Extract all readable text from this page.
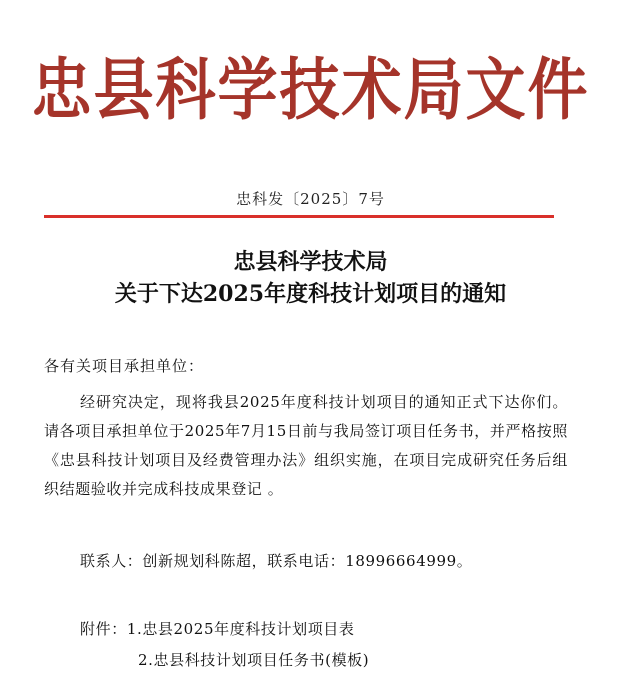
忠县科学技术局文件
忠科发〔2025〕7号
忠县科学技术局
关于下达2025年度科技计划项目的通知
各有关项目承担单位：
经研究决定，现将我县2025年度科技计划项目的通知正式下达你们。请各项目承担单位于2025年7月15日前与我局签订项目任务书，并严格按照《忠县科技计划项目及经费管理办法》组织实施，在项目完成研究任务后组织结题验收并完成科技成果登记 。
联系人：创新规划科陈超，联系电话：18996664999。
附件：1.忠县2025年度科技计划项目表
2.忠县科技计划项目任务书(模板)
